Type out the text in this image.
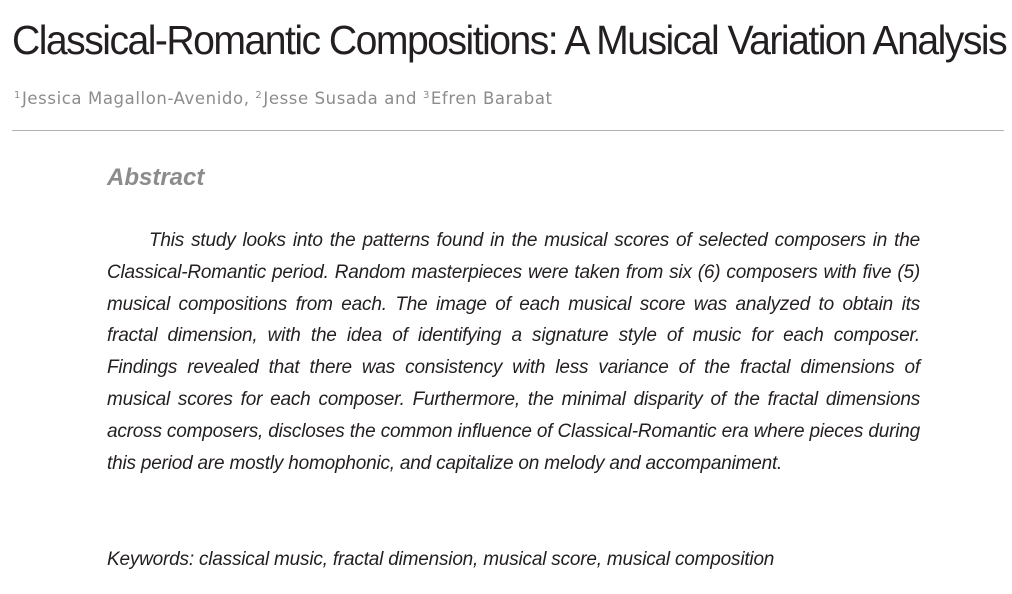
Classical-Romantic Compositions: A Musical Variation Analysis
$^1$Jessica Magallon-Avenido, $^2$Jesse Susada and $^3$Efren Barabat
Abstract

This study looks into the patterns found in the musical scores of selected composers in the Classical-Romantic period. Random masterpieces were taken from six (6) composers with five (5) musical compositions from each. The image of each musical score was analyzed to obtain its fractal dimension, with the idea of identifying a signature style of music for each composer. Findings revealed that there was consistency with less variance of the fractal dimensions of musical scores for each composer. Furthermore, the minimal disparity of the fractal dimensions across composers, discloses the common influence of Classical-Romantic era where pieces during this period are mostly homophonic, and capitalize on melody and accompaniment.

Keywords: classical music, fractal dimension, musical score, musical composition
